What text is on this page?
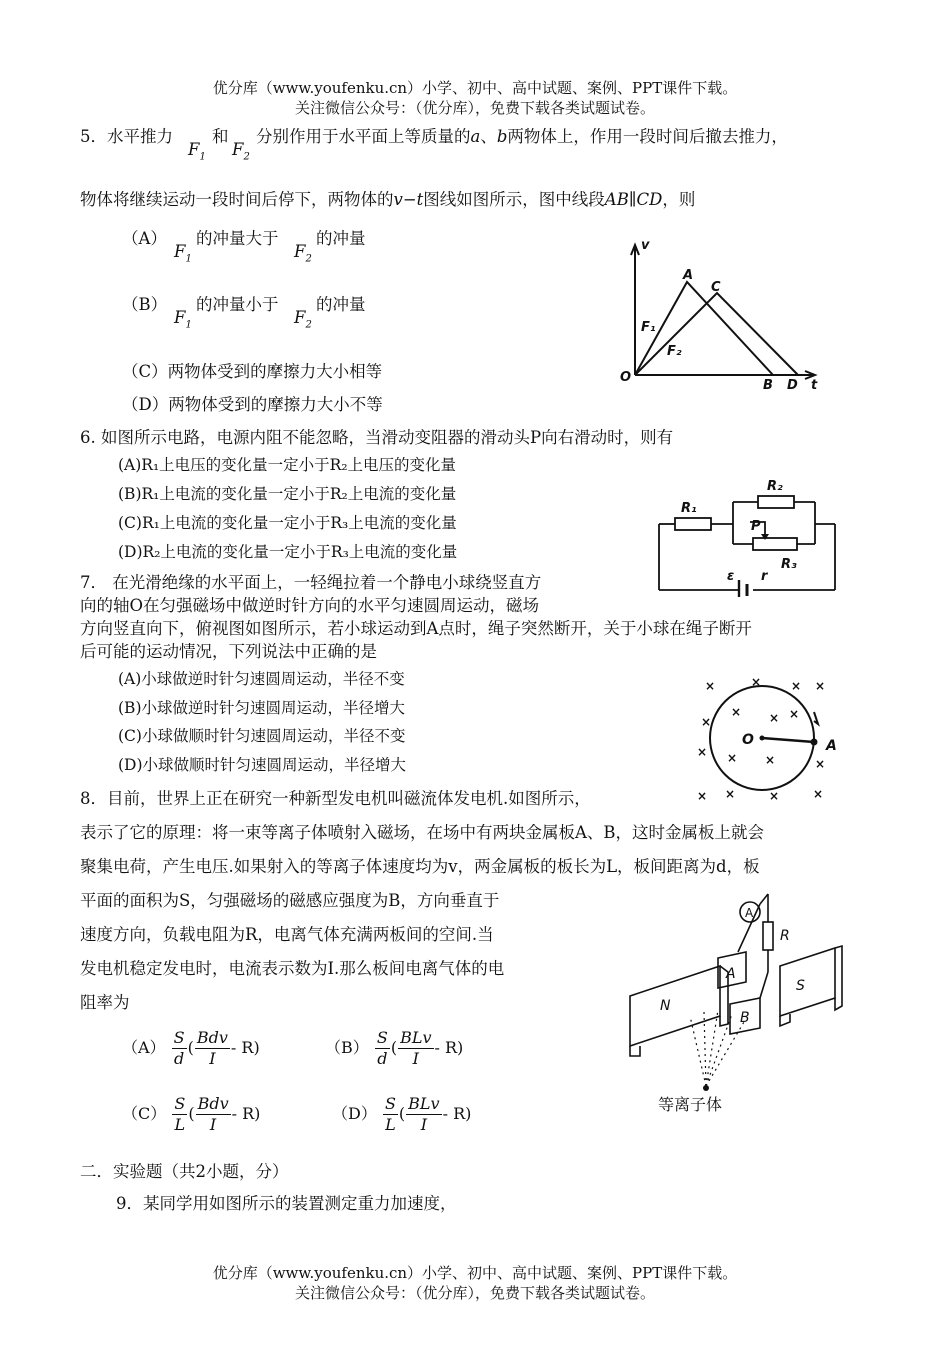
优分库（www.youfenku.cn）小学、初中、高中试题、案例、PPT课件下载。
关注微信公众号：（优分库），免费下载各类试题试卷。
5．水平推力
$F_1$
和
$F_2$
分别作用于水平面上等质量的a、b两物体上，作用一段时间后撤去推力，
物体将继续运动一段时间后停下，两物体的v−t图线如图所示，图中线段AB∥CD，则
（A）
$F_1$
的冲量大于
$F_2$
的冲量
（B）
$F_1$
的冲量小于
$F_2$
的冲量
（C）两物体受到的摩擦力大小相等
（D）两物体受到的摩擦力大小不等
v
A
C
F₁
F₂
O
B D t
6. 如图所示电路，电源内阻不能忽略，当滑动变阻器的滑动头P向右滑动时，则有
(A)R₁上电压的变化量一定小于R₂上电压的变化量
(B)R₁上电流的变化量一定小于R₂上电流的变化量
(C)R₁上电流的变化量一定小于R₃上电流的变化量
(D)R₂上电流的变化量一定小于R₃上电流的变化量
R₁
R₂
R₃
P
ε r
7． 在光滑绝缘的水平面上，一轻绳拉着一个静电小球绕竖直方
向的轴O在匀强磁场中做逆时针方向的水平匀速圆周运动，磁场
方向竖直向下，俯视图如图所示，若小球运动到A点时，绳子突然断开，关于小球在绳子断开
后可能的运动情况，下列说法中正确的是
(A)小球做逆时针匀速圆周运动，半径不变
(B)小球做逆时针匀速圆周运动，半径增大
(C)小球做顺时针匀速圆周运动，半径不变
(D)小球做顺时针匀速圆周运动，半径增大
×	× × ×
×
× × ×
× × ×	×
× ×	×	×
O	A
8．目前，世界上正在研究一种新型发电机叫磁流体发电机.如图所示，
表示了它的原理：将一束等离子体喷射入磁场，在场中有两块金属板A、B，这时金属板上就会
聚集电荷，产生电压.如果射入的等离子体速度均为v，两金属板的板长为L，板间距离为d，板
平面的面积为S，匀强磁场的磁感应强度为B，方向垂直于
速度方向，负载电阻为R，电离气体充满两板间的空间.当
发电机稳定发电时，电流表示数为I.那么板间电离气体的电
阻率为
$(A) \frac{S}{d}$ ( $\frac{\text{Bdv}}{I} - R$)	$(B) \frac{S}{d}$ ( $\frac{\text{BLv}}{I} - R$)
$(C) \frac{S}{L}$ ( $\frac{\text{Bdv}}{I} - R$)	$(D) \frac{S}{L}$ ( $\frac{\text{BLv}}{I} - R$)
N
S
A
B
A
R
等离子体
二．实验题（共2小题，分）
9．某同学用如图所示的装置测定重力加速度，
优分库（www.youfenku.cn）小学、初中、高中试题、案例、PPT课件下载。
关注微信公众号：（优分库），免费下载各类试题试卷。
